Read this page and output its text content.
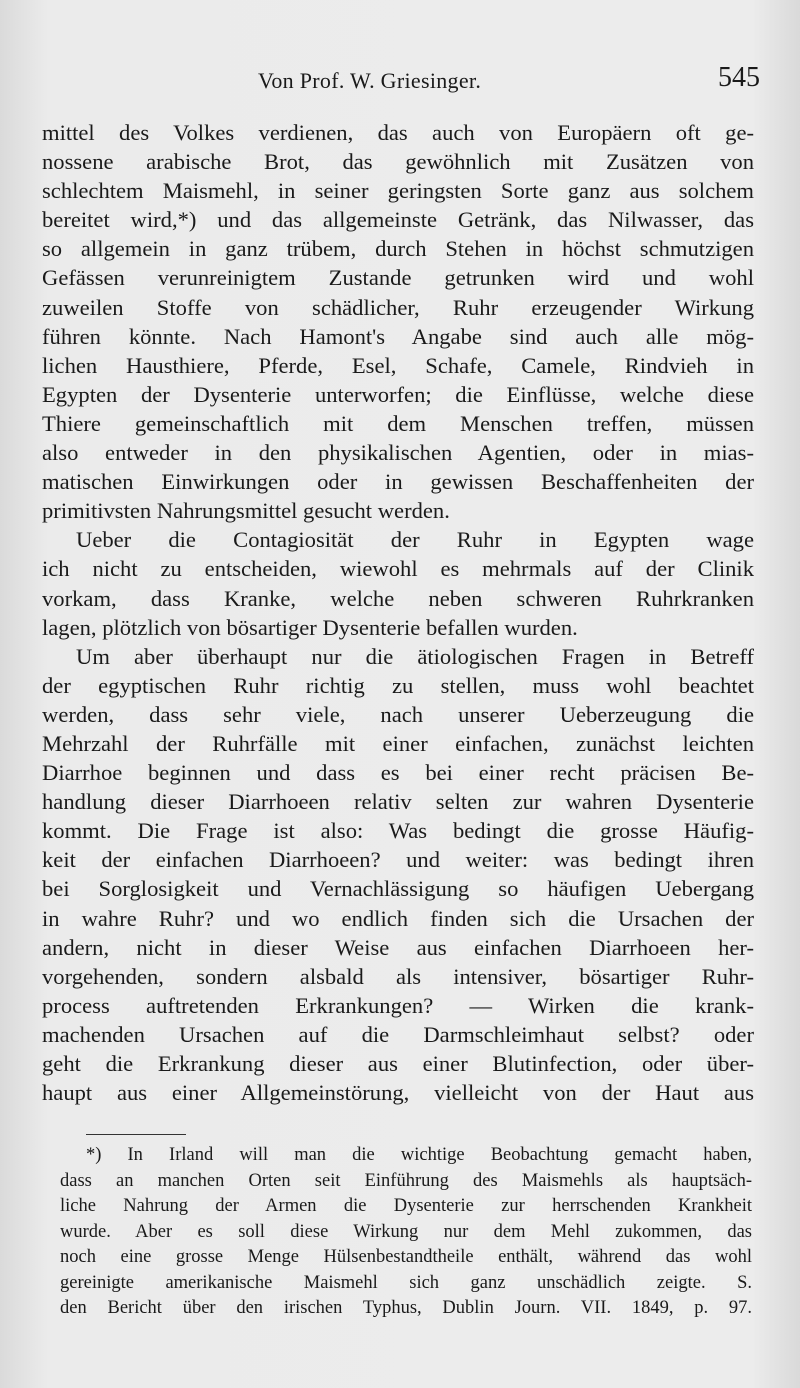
Von Prof. W. Griesinger.	545
mittel des Volkes verdienen, das auch von Europäern oft ge-
nossene arabische Brot, das gewöhnlich mit Zusätzen von
schlechtem Maismehl, in seiner geringsten Sorte ganz aus solchem
bereitet wird,*) und das allgemeinste Getränk, das Nilwasser, das
so allgemein in ganz trübem, durch Stehen in höchst schmutzigen
Gefässen verunreinigtem Zustande getrunken wird und wohl
zuweilen Stoffe von schädlicher, Ruhr erzeugender Wirkung
führen könnte. Nach Hamont's Angabe sind auch alle mög-
lichen Hausthiere, Pferde, Esel, Schafe, Camele, Rindvieh in
Egypten der Dysenterie unterworfen; die Einflüsse, welche diese
Thiere gemeinschaftlich mit dem Menschen treffen, müssen
also entweder in den physikalischen Agentien, oder in mias-
matischen Einwirkungen oder in gewissen Beschaffenheiten der
primitivsten Nahrungsmittel gesucht werden.
Ueber die Contagiosität der Ruhr in Egypten wage
ich nicht zu entscheiden, wiewohl es mehrmals auf der Clinik
vorkam, dass Kranke, welche neben schweren Ruhrkranken
lagen, plötzlich von bösartiger Dysenterie befallen wurden.
Um aber überhaupt nur die ätiologischen Fragen in Betreff
der egyptischen Ruhr richtig zu stellen, muss wohl beachtet
werden, dass sehr viele, nach unserer Ueberzeugung die
Mehrzahl der Ruhrfälle mit einer einfachen, zunächst leichten
Diarrhoe beginnen und dass es bei einer recht präcisen Be-
handlung dieser Diarrhoeen relativ selten zur wahren Dysenterie
kommt. Die Frage ist also: Was bedingt die grosse Häufig-
keit der einfachen Diarrhoeen? und weiter: was bedingt ihren
bei Sorglosigkeit und Vernachlässigung so häufigen Uebergang
in wahre Ruhr? und wo endlich finden sich die Ursachen der
andern, nicht in dieser Weise aus einfachen Diarrhoeen her-
vorgehenden, sondern alsbald als intensiver, bösartiger Ruhr-
process auftretenden Erkrankungen? — Wirken die krank-
machenden Ursachen auf die Darmschleimhaut selbst? oder
geht die Erkrankung dieser aus einer Blutinfection, oder über-
haupt aus einer Allgemeinstörung, vielleicht von der Haut aus
*) In Irland will man die wichtige Beobachtung gemacht haben,
dass an manchen Orten seit Einführung des Maismehls als hauptsäch-
liche Nahrung der Armen die Dysenterie zur herrschenden Krankheit
wurde. Aber es soll diese Wirkung nur dem Mehl zukommen, das
noch eine grosse Menge Hülsenbestandtheile enthält, während das wohl
gereinigte amerikanische Maismehl sich ganz unschädlich zeigte. S.
den Bericht über den irischen Typhus, Dublin Journ. VII. 1849, p. 97.
